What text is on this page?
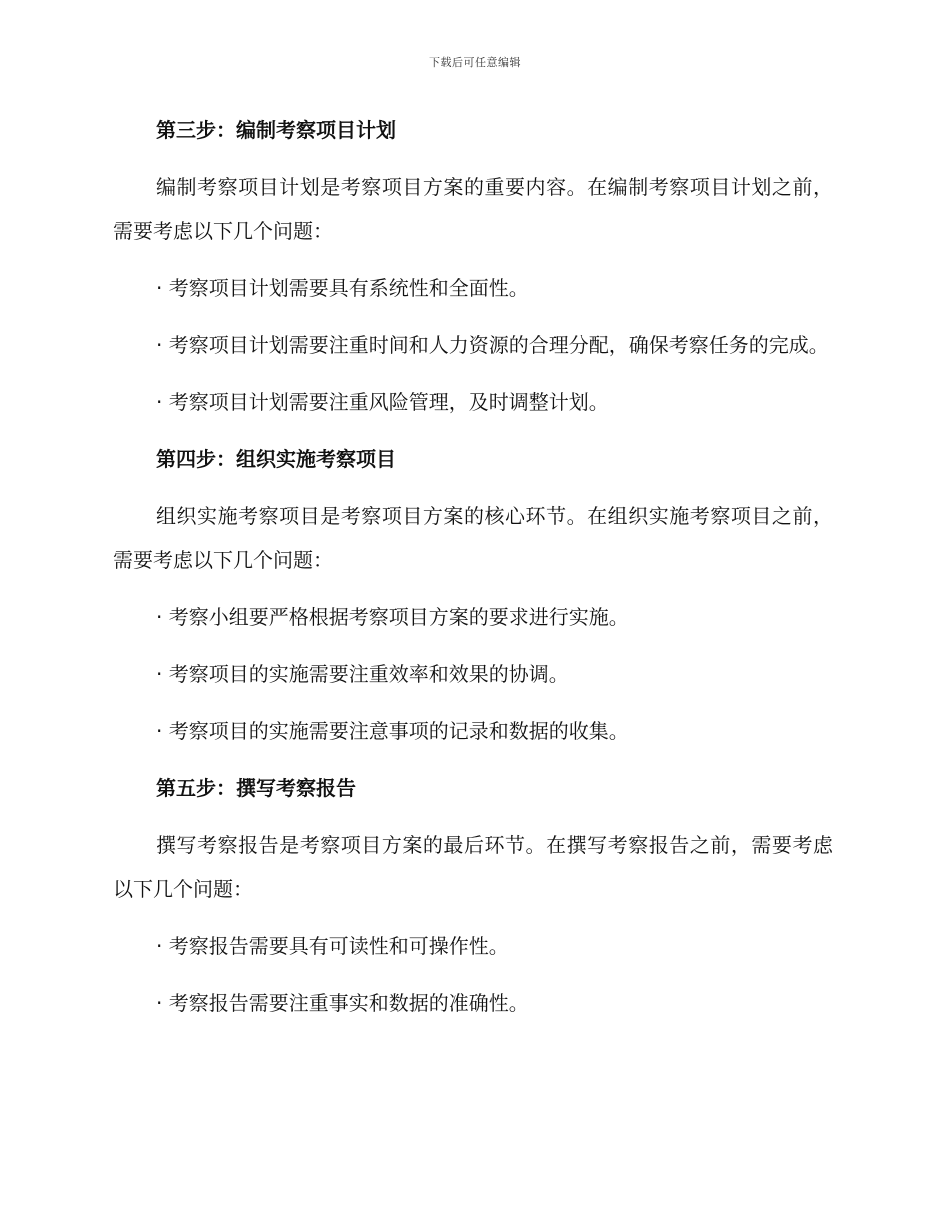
下载后可任意编辑

第三步：编制考察项目计划

编制考察项目计划是考察项目方案的重要内容。在编制考察项目计划之前，需要考虑以下几个问题：

· 考察项目计划需要具有系统性和全面性。

· 考察项目计划需要注重时间和人力资源的合理分配，确保考察任务的完成。

· 考察项目计划需要注重风险管理，及时调整计划。

第四步：组织实施考察项目

组织实施考察项目是考察项目方案的核心环节。在组织实施考察项目之前，需要考虑以下几个问题：

· 考察小组要严格根据考察项目方案的要求进行实施。

· 考察项目的实施需要注重效率和效果的协调。

· 考察项目的实施需要注意事项的记录和数据的收集。

第五步：撰写考察报告

撰写考察报告是考察项目方案的最后环节。在撰写考察报告之前，需要考虑以下几个问题：

· 考察报告需要具有可读性和可操作性。

· 考察报告需要注重事实和数据的准确性。
